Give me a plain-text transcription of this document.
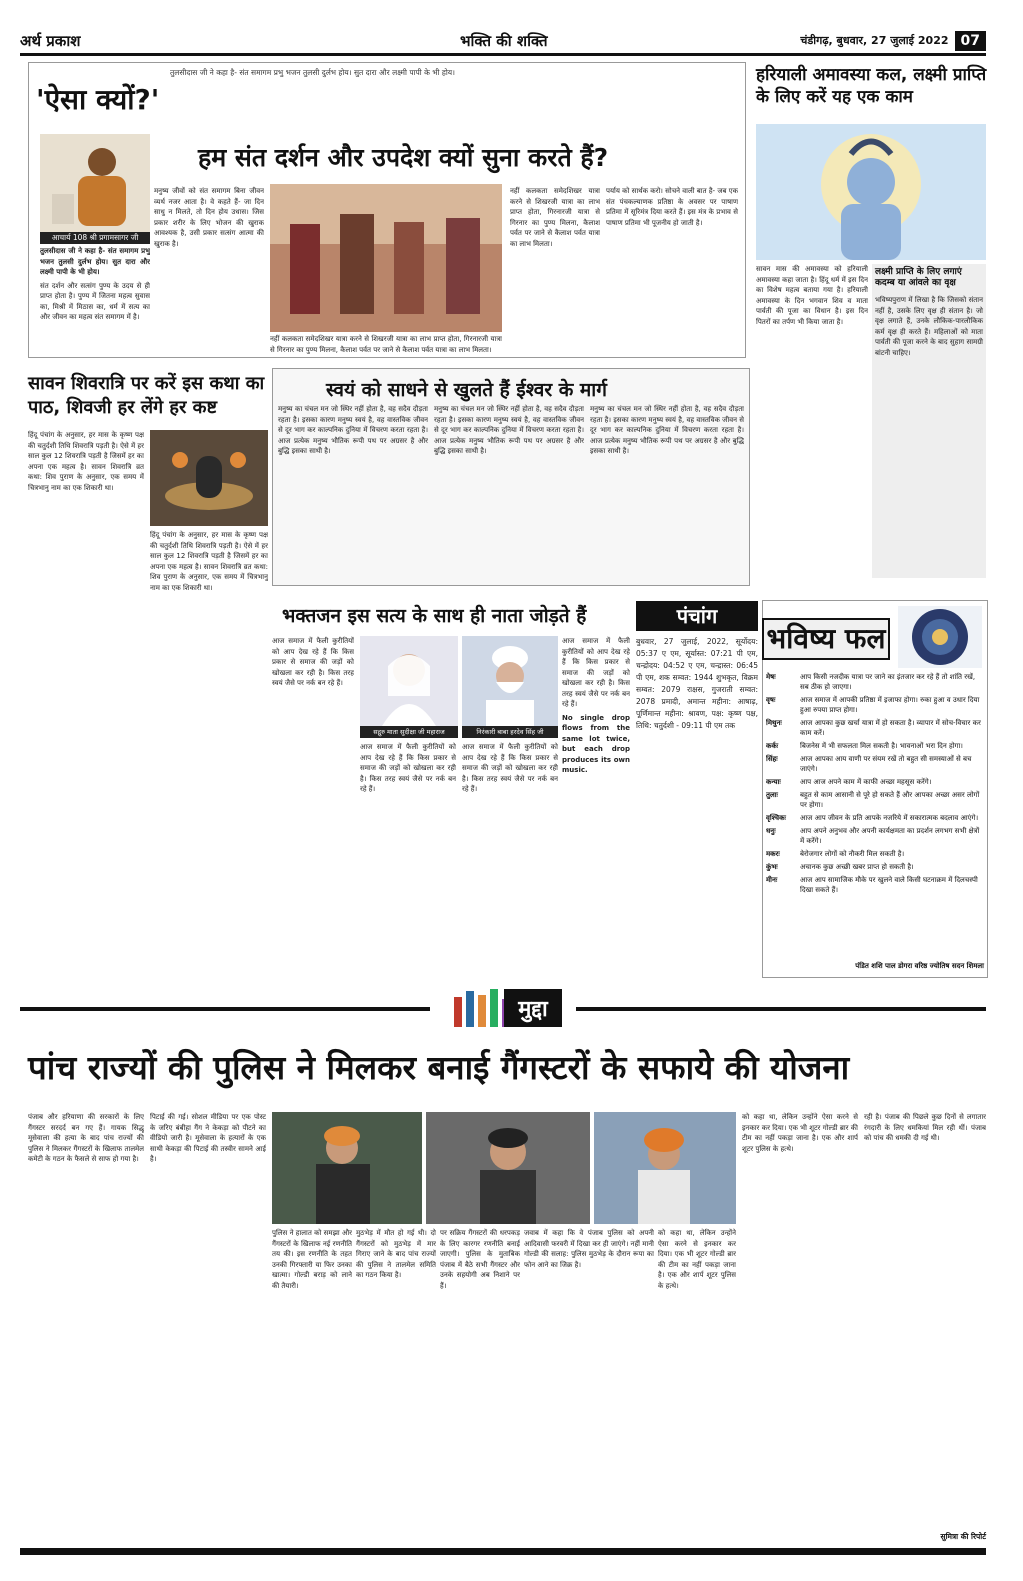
अर्थ प्रकाश	भक्ति की शक्ति	चंडीगढ़, बुधवार, 27 जुलाई 2022 07
'ऐसा क्यों?'
तुलसीदास जी ने कहा है- संत समागम प्रभु भजन तुलसी दुर्लभ होय। सुत दारा और लक्ष्मी पापी के भी होय।
आचार्य 108 श्री प्रगामसागर जी
हम संत दर्शन और उपदेश क्यों सुना करते हैं?

तुलसीदास जी ने कहा है- संत समागम प्रभु भजन तुलसी दुर्लभ होय। सुत दारा और लक्ष्मी पापी के भी होय।

संत दर्शन और सत्संग पुण्य के उदय से ही प्राप्त होता है। पुण्य में जितना महत्व सुवास का, मिश्री में मिठास का, धर्म में सत्य का और जीवन का महत्व संत समागम में है।

मनुष्य जीवों को संत समागम बिना जीवन व्यर्थ नजर आता है। वे कहते हैं- जा दिन साधु न मिलते, तो दिन होय उधास। जिस प्रकार शरीर के लिए भोजन की खुराक आवश्यक है, उसी प्रकार सत्संग आत्मा की खुराक है।

नहीं कलकता समेदशिखर यात्रा करने से शिखरजी यात्रा का लाभ प्राप्त होता, गिरनारजी यात्रा से गिरनार का पुण्य मिलना, कैलाश पर्वत पर जाने से कैलाश पर्वत यात्रा का लाभ मिलता।

नहीं कलकता समेदशिखर यात्रा करने से शिखरजी यात्रा का लाभ प्राप्त होता, गिरनारजी यात्रा से गिरनार का पुण्य मिलना, कैलाश पर्वत पर जाने से कैलाश पर्वत यात्रा का लाभ मिलता।

पर्याय को सार्थक करो। सोचने वाली बात है- जब एक संत पंचकल्याणक प्रतिष्ठा के अवसर पर पाषाण प्रतिमा में सूरिमंत्र दिया करते हैं। इस मंत्र के प्रभाव से पाषाण प्रतिमा भी पूजनीय हो जाती है।

हरियाली अमावस्या कल, लक्ष्मी प्राप्ति के लिए करें यह एक काम

सावन मास की अमावस्या को हरियाली अमावस्या कहा जाता है। हिंदू धर्म में इस दिन का विशेष महत्व बताया गया है। हरियाली अमावस्या के दिन भगवान शिव व माता पार्वती की पूजा का विधान है। इस दिन पितरों का तर्पण भी किया जाता है।

लक्ष्मी प्राप्ति के लिए लगाएं कदम्ब या आंवले का वृक्ष
भविष्यपुराण में लिखा है कि जिसको संतान नहीं है, उसके लिए वृक्ष ही संतान है। जो वृक्ष लगाते हैं, उनके लौकिक-पारलौकिक कर्म वृक्ष ही करते हैं। महिलाओं को माता पार्वती की पूजा करने के बाद सुहाग सामग्री बांटनी चाहिए।
सावन शिवरात्रि पर करें इस कथा का पाठ, शिवजी हर लेंगे हर कष्ट

हिंदू पंचांग के अनुसार, हर मास के कृष्ण पक्ष की चतुर्दशी तिथि शिवरात्रि पड़ती है। ऐसे में हर साल कुल 12 शिवरात्रि पड़ती है जिसमें हर का अपना एक महत्व है। सावन शिवरात्रि व्रत कथा: शिव पुराण के अनुसार, एक समय में चित्रभानु नाम का एक शिकारी था।

हिंदू पंचांग के अनुसार, हर मास के कृष्ण पक्ष की चतुर्दशी तिथि शिवरात्रि पड़ती है। ऐसे में हर साल कुल 12 शिवरात्रि पड़ती है जिसमें हर का अपना एक महत्व है। सावन शिवरात्रि व्रत कथा: शिव पुराण के अनुसार, एक समय में चित्रभानु नाम का एक शिकारी था।

स्वयं को साधने से खुलते हैं ईश्वर के मार्ग

मनुष्य का चंचल मन जो स्थिर नहीं होता है, वह सदैव दौड़ता रहता है। इसका कारण मनुष्य स्वयं है, वह वास्तविक जीवन से दूर भाग कर काल्पनिक दुनिया में विचरण करता रहता है। आज प्रत्येक मनुष्य भौतिक रूपी पथ पर अग्रसर है और बुद्धि इसका साथी है।

मनुष्य का चंचल मन जो स्थिर नहीं होता है, वह सदैव दौड़ता रहता है। इसका कारण मनुष्य स्वयं है, वह वास्तविक जीवन से दूर भाग कर काल्पनिक दुनिया में विचरण करता रहता है। आज प्रत्येक मनुष्य भौतिक रूपी पथ पर अग्रसर है और बुद्धि इसका साथी है।

मनुष्य का चंचल मन जो स्थिर नहीं होता है, वह सदैव दौड़ता रहता है। इसका कारण मनुष्य स्वयं है, वह वास्तविक जीवन से दूर भाग कर काल्पनिक दुनिया में विचरण करता रहता है। आज प्रत्येक मनुष्य भौतिक रूपी पथ पर अग्रसर है और बुद्धि इसका साथी है।

भक्तजन इस सत्य के साथ ही नाता जोड़ते हैं

आज समाज में फैली कुरीतियों को आप देख रहे हैं कि किस प्रकार से समाज की जड़ों को खोखला कर रही है। किस तरह स्वयं जैसे पर नर्क बन रहे हैं।

सद्गुरु माता सुदीक्षा जी महाराज	निरंकारी बाबा हरदेव सिंह जी

आज समाज में फैली कुरीतियों को आप देख रहे हैं कि किस प्रकार से समाज की जड़ों को खोखला कर रही है। किस तरह स्वयं जैसे पर नर्क बन रहे हैं।

आज समाज में फैली कुरीतियों को आप देख रहे हैं कि किस प्रकार से समाज की जड़ों को खोखला कर रही है। किस तरह स्वयं जैसे पर नर्क बन रहे हैं।

आज समाज में फैली कुरीतियों को आप देख रहे हैं कि किस प्रकार से समाज की जड़ों को खोखला कर रही है। किस तरह स्वयं जैसे पर नर्क बन रहे हैं।

No single drop flows from the same lot twice, but each drop produces its own music.

पंचांग
बुधवार, 27 जुलाई, 2022, सूर्योदय: 05:37 ए एम, सूर्यास्त: 07:21 पी एम, चन्द्रोदय: 04:52 ए एम, चन्द्रास्त: 06:45 पी एम, शक सम्वत: 1944 शुभकृत, विक्रम सम्वत: 2079 राक्षस, गुजराती सम्वत: 2078 प्रमादी, अमान्त महीना: आषाढ़, पूर्णिमान्त महीना: श्रावण, पक्ष: कृष्ण पक्ष, तिथि: चतुर्दशी - 09:11 पी एम तक
भविष्य फल
मेषः	आप किसी नजदीक यात्रा पर जाने का इंतजार कर रहे हैं तो शांति रखें, सब ठीक हो जाएगा।
वृषः	आज समाज में आपकी प्रतिष्ठा में इजाफा होगा। रुका हुआ व उधार दिया हुआ रुपया प्राप्त होगा।
मिथुनः	आज आपका कुछ खर्चा यात्रा में हो सकता है। व्यापार में सोच-विचार कर काम करें।
कर्कः	बिजनेस में भी सफलता मिल सकती है। भावनाओं भरा दिन होगा।
सिंहः	आज आपका आय वाणी पर संयम रखें तो बहुत सी समस्याओं से बच जाएंगे।
कन्याः	आप आज अपने काम में काफी अच्छा महसूस करेंगे।
तुलाः	बहुत से काम आसानी से पूरे हो सकते हैं और आपका अच्छा असर लोगों पर होगा।
वृश्चिकः	आज आप जीवन के प्रति आपके नजरिये में सकारात्मक बदलाव आएंगे।
धनुः	आप अपने अनुभव और अपनी कार्यक्षमता का प्रदर्शन लगभग सभी क्षेत्रों में करेंगे।
मकरः	बेरोजगार लोगों को नौकरी मिल सकती है।
कुंभः	अचानक कुछ अच्छी खबर प्राप्त हो सकती है।
मीनः	आज आप सामाजिक मौके पर खुलने वाले किसी घटनाक्रम में दिलचस्पी दिखा सकते हैं।
पंडित शशि पाल डोगरा वरिष्ठ ज्योतिष सदन शिमला
मुद्दा
पांच राज्यों की पुलिस ने मिलकर बनाई गैंगस्टरों के सफाये की योजना

पंजाब और हरियाणा की सरकारों के लिए गैंगस्टर सरदर्द बन गए हैं। गायक सिद्धू मूसेवाला की हत्या के बाद पांच राज्यों की पुलिस ने मिलकर गैंगस्टरों के खिलाफ तालमेल कमेटी के गठन के फैसले से साफ हो गया है।

पिटाई की गई। सोशल मीडिया पर एक पोस्ट के जरिए बंबीहा गैंग ने केकड़ा को पीटने का वीडियो जारी है। मूसेवाला के हत्यारों के एक साथी केकड़ा की पिटाई की तस्वीर सामने आई है।

पुलिस ने हालात को समझा और गैंगस्टरों के खिलाफ नई रणनीति तय की। इस रणनीति के तहत उनकी गिरफ्तारी या फिर उनका खात्मा। गोल्डी बराड़ को लाने की तैयारी।

मुठभेड़ में मौत हो गई थी। दो गैंगस्टरों को मुठभेड़ में मार गिराए जाने के बाद पांच राज्यों की पुलिस ने तालमेल समिति का गठन किया है।

पर सक्रिय गैंगस्टरों की धरपकड़ के लिए कारगर रणनीति बनाई जाएगी। पुलिस के मुताबिक पंजाब में बैठे सभी गैंगस्टर और उनके सहयोगी अब निशाने पर हैं।

जवाब में कहा कि वे पंजाब पुलिस को अपनी आदिवासी फरवरी में दिखा कर ही जाएंगे। नहीं मानी गोल्डी की सलाह: पुलिस मुठभेड़ के दौरान रूपा का फोन आने का जिक्र है।

को कहा था, लेकिन उन्होंने ऐसा करने से इनकार कर दिया। एक भी शूटर गोल्डी ब्रार की टीम का नहीं पकड़ा जाना है। एक और शार्प शूटर पुलिस के हत्थे।

को कहा था, लेकिन उन्होंने ऐसा करने से इनकार कर दिया। एक भी शूटर गोल्डी ब्रार की टीम का नहीं पकड़ा जाना है। एक और शार्प शूटर पुलिस के हत्थे।

रही है। पंजाब की पिछले कुछ दिनों से लगातार रंगदारी के लिए धमकियां मिल रही थीं। पंजाब को पांच की धमकी दी गई थी।

सुमित्रा की रिपोर्ट
